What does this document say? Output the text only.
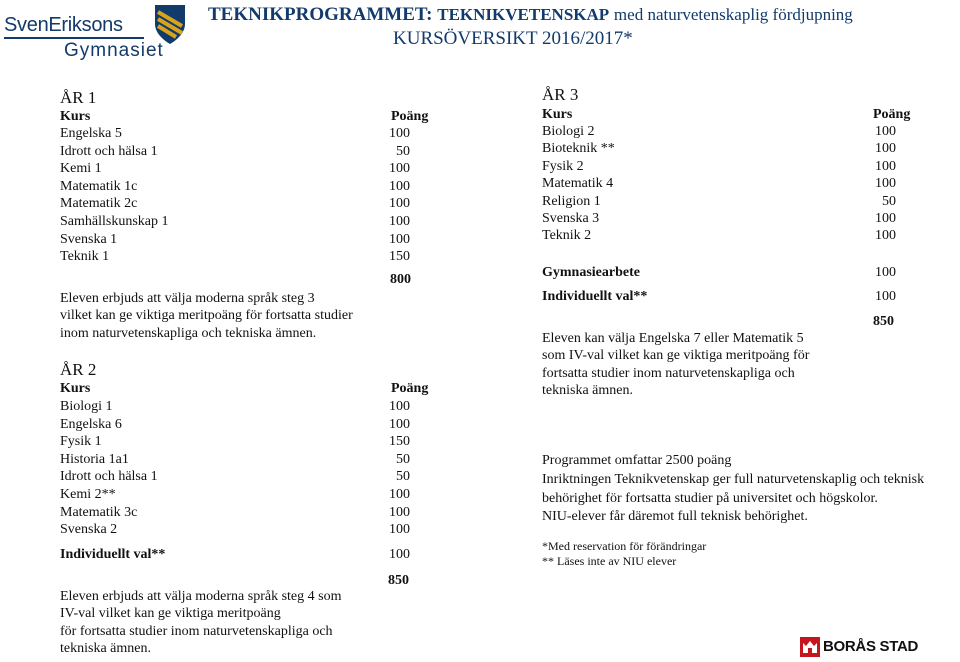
SvenEriksons
Gymnasiet
TEKNIKPROGRAMMET: TEKNIKVETENSKAP med naturvetenskaplig fördjupning
KURSÖVERSIKT 2016/2017*
ÅR 1
Kurs	Poäng
Engelska 5	100
Idrott och hälsa 1	50
Kemi 1	100
Matematik 1c	100
Matematik 2c	100
Samhällskunskap 1	100
Svenska 1	100
Teknik 1	150
800
Eleven erbjuds att välja moderna språk steg 3
vilket kan ge viktiga meritpoäng för fortsatta studier
inom naturvetenskapliga och tekniska ämnen.
ÅR 2
Kurs	Poäng
Biologi 1	100
Engelska 6	100
Fysik 1	150
Historia 1a1	50
Idrott och hälsa 1	50
Kemi 2**	100
Matematik 3c	100
Svenska 2	100
Individuellt val**	100
850
Eleven erbjuds att välja moderna språk steg 4 som
IV-val vilket kan ge viktiga meritpoäng
för fortsatta studier inom naturvetenskapliga och
tekniska ämnen.
ÅR 3
Kurs	Poäng
Biologi 2	100
Bioteknik **	100
Fysik 2	100
Matematik 4	100
Religion 1	50
Svenska 3	100
Teknik 2	100
Gymnasiearbete	100
Individuellt val**	100
850
Eleven kan välja Engelska 7 eller Matematik 5
som IV-val vilket kan ge viktiga meritpoäng för
fortsatta studier inom naturvetenskapliga och
tekniska ämnen.
Programmet omfattar 2500 poäng
Inriktningen Teknikvetenskap ger full naturvetenskaplig och teknisk
behörighet för fortsatta studier på universitet och högskolor.
NIU-elever får däremot full teknisk behörighet.
*Med reservation för förändringar
** Läses inte av NIU elever
BORÅS STAD
